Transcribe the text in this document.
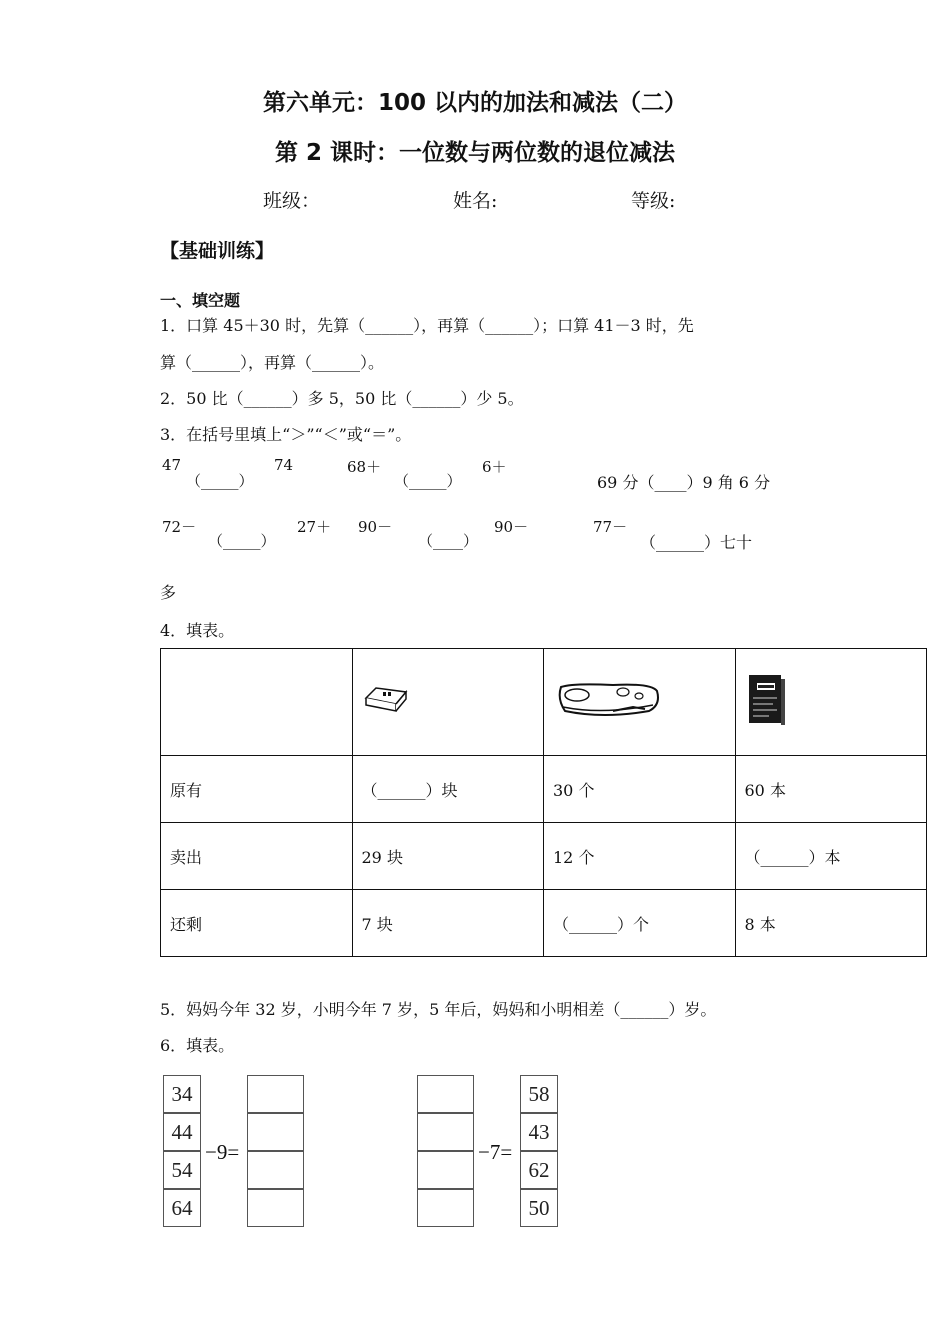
第六单元：100 以内的加法和减法（二）
第 2 课时：一位数与两位数的退位减法
班级：	姓名:	等级:
【基础训练】
一、填空题
1．口算 45＋30 时，先算（______），再算（______）；口算 41－3 时，先
算（______），再算（______）。
2．50 比（______）多 5，50 比（______）少 5。
3．在括号里填上“＞”“＜”或“＝”。
47
（_____）
74	68＋
（_____）
6＋
69 分（____）9 角 6 分
72－
（_____）
27＋ 90－
（____）
90－	77－
（______）七十
多
4．填表。

原有	（______）块	30 个	60 本
卖出	29 块	12 个	（______）本
还剩	7 块	（______）个	8 本
5．妈妈今年 32 岁，小明今年 7 岁，5 年后，妈妈和小明相差（______）岁。
6．填表。
34
44
54
64
−9=	−7=
58
43
62
50
